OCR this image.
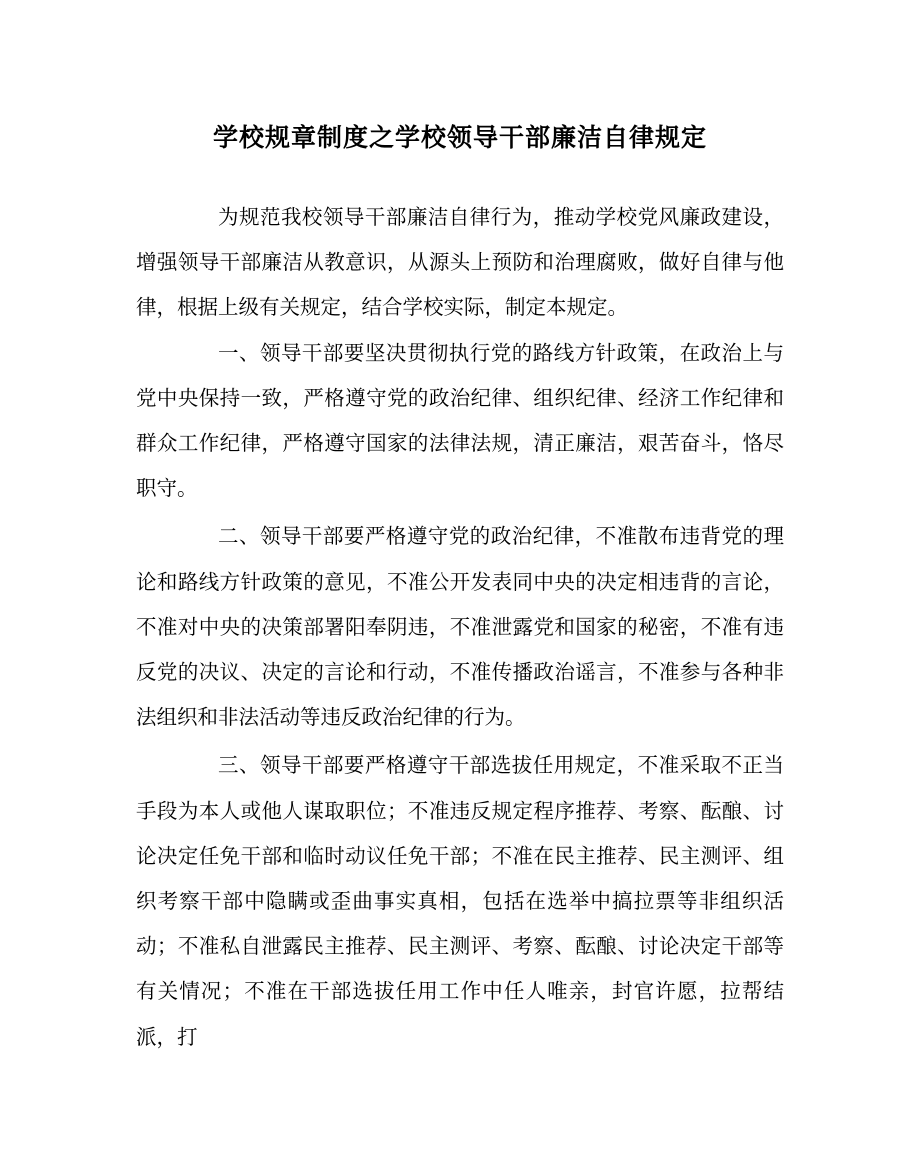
学校规章制度之学校领导干部廉洁自律规定

为规范我校领导干部廉洁自律行为，推动学校党风廉政建设，增强领导干部廉洁从教意识，从源头上预防和治理腐败，做好自律与他律，根据上级有关规定，结合学校实际，制定本规定。

一、领导干部要坚决贯彻执行党的路线方针政策，在政治上与党中央保持一致，严格遵守党的政治纪律、组织纪律、经济工作纪律和群众工作纪律，严格遵守国家的法律法规，清正廉洁，艰苦奋斗，恪尽职守。

二、领导干部要严格遵守党的政治纪律，不准散布违背党的理论和路线方针政策的意见，不准公开发表同中央的决定相违背的言论，不准对中央的决策部署阳奉阴违，不准泄露党和国家的秘密，不准有违反党的决议、决定的言论和行动，不准传播政治谣言，不准参与各种非法组织和非法活动等违反政治纪律的行为。

三、领导干部要严格遵守干部选拔任用规定，不准采取不正当手段为本人或他人谋取职位；不准违反规定程序推荐、考察、酝酿、讨论决定任免干部和临时动议任免干部；不准在民主推荐、民主测评、组织考察干部中隐瞒或歪曲事实真相，包括在选举中搞拉票等非组织活动；不准私自泄露民主推荐、民主测评、考察、酝酿、讨论决定干部等有关情况；不准在干部选拔任用工作中任人唯亲，封官许愿，拉帮结派，打
